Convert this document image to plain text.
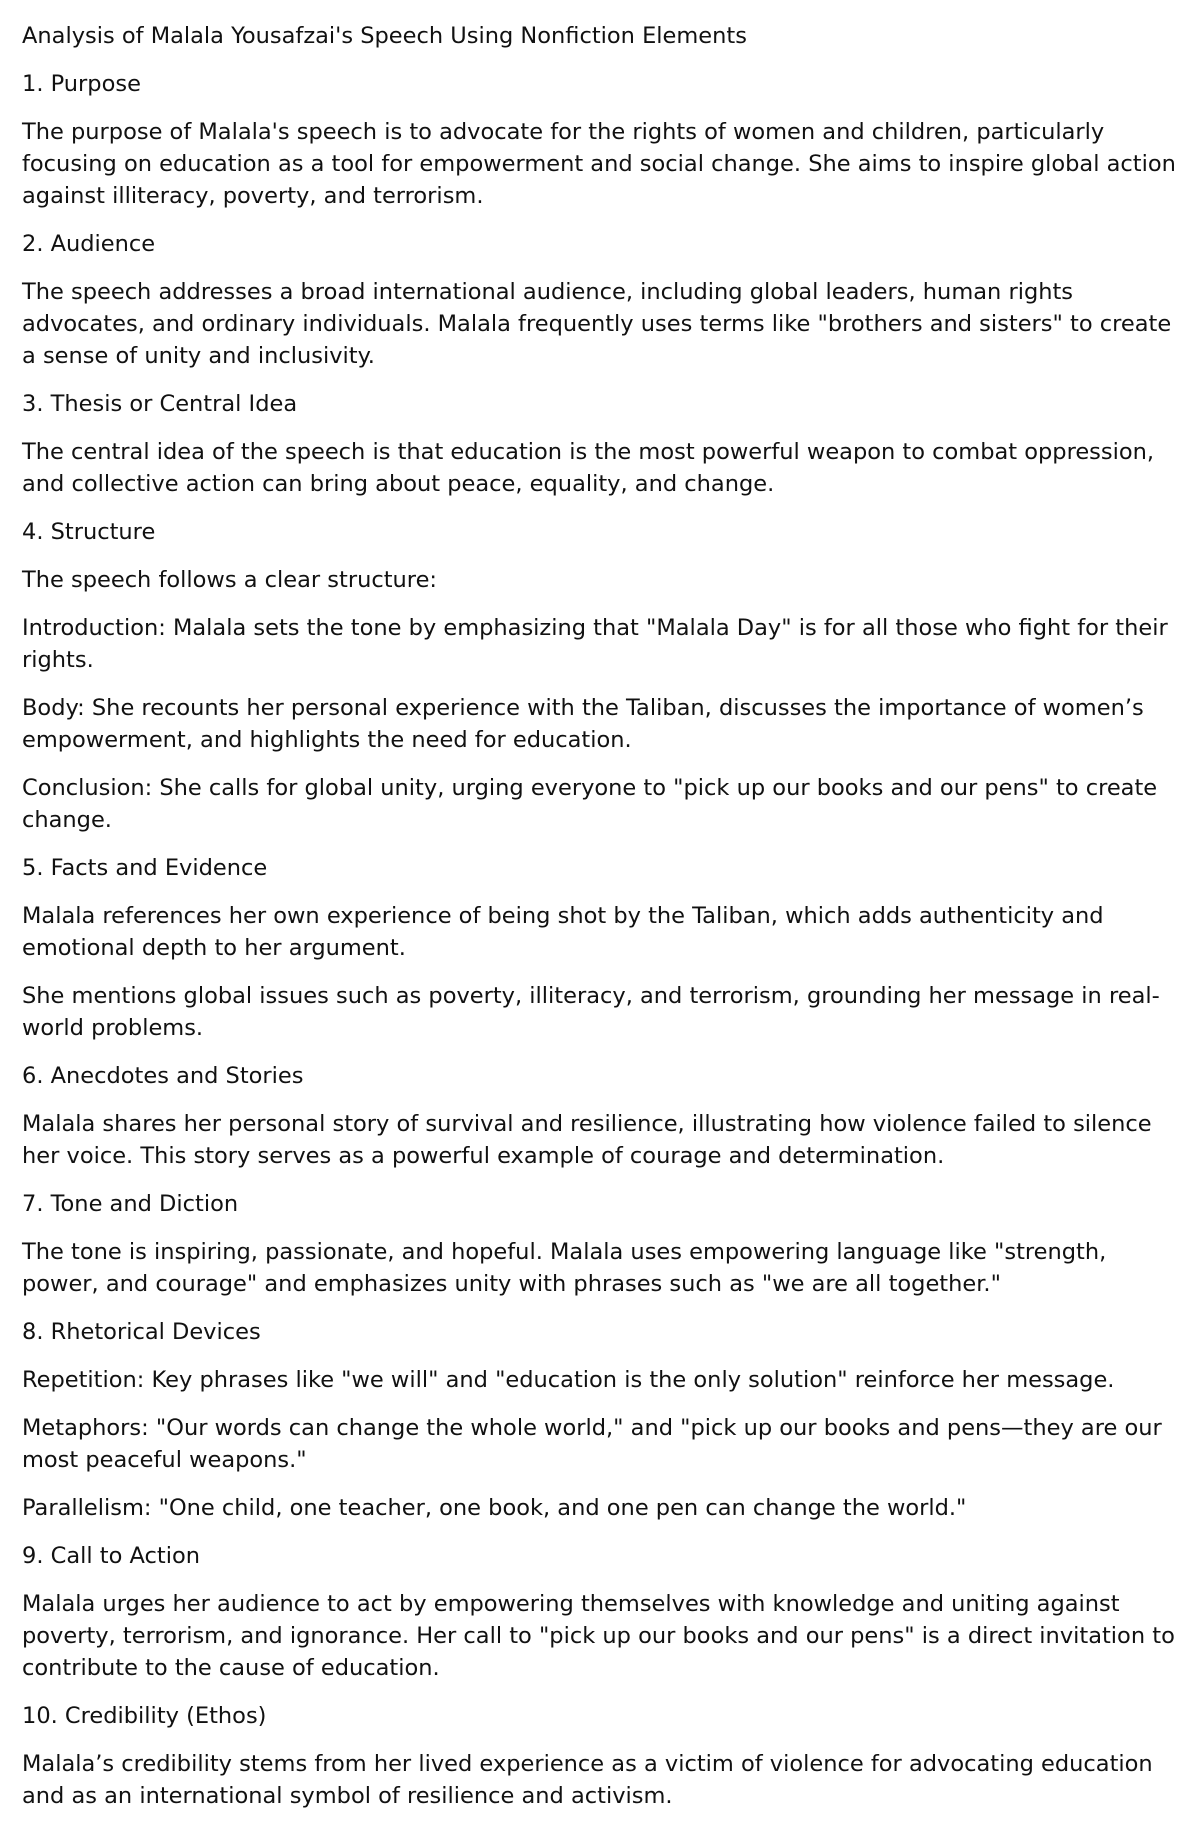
Analysis of Malala Yousafzai's Speech Using Nonfiction Elements

1. Purpose

The purpose of Malala's speech is to advocate for the rights of women and children, particularly focusing on education as a tool for empowerment and social change. She aims to inspire global action against illiteracy, poverty, and terrorism.

2. Audience

The speech addresses a broad international audience, including global leaders, human rights advocates, and ordinary individuals. Malala frequently uses terms like "brothers and sisters" to create a sense of unity and inclusivity.

3. Thesis or Central Idea

The central idea of the speech is that education is the most powerful weapon to combat oppression, and collective action can bring about peace, equality, and change.

4. Structure

The speech follows a clear structure:

Introduction: Malala sets the tone by emphasizing that "Malala Day" is for all those who fight for their rights.

Body: She recounts her personal experience with the Taliban, discusses the importance of women’s empowerment, and highlights the need for education.

Conclusion: She calls for global unity, urging everyone to "pick up our books and our pens" to create change.

5. Facts and Evidence

Malala references her own experience of being shot by the Taliban, which adds authenticity and emotional depth to her argument.

She mentions global issues such as poverty, illiteracy, and terrorism, grounding her message in real-world problems.

6. Anecdotes and Stories

Malala shares her personal story of survival and resilience, illustrating how violence failed to silence her voice. This story serves as a powerful example of courage and determination.

7. Tone and Diction

The tone is inspiring, passionate, and hopeful. Malala uses empowering language like "strength, power, and courage" and emphasizes unity with phrases such as "we are all together."

8. Rhetorical Devices

Repetition: Key phrases like "we will" and "education is the only solution" reinforce her message.

Metaphors: "Our words can change the whole world," and "pick up our books and pens—they are our most peaceful weapons."

Parallelism: "One child, one teacher, one book, and one pen can change the world."

9. Call to Action

Malala urges her audience to act by empowering themselves with knowledge and uniting against poverty, terrorism, and ignorance. Her call to "pick up our books and our pens" is a direct invitation to contribute to the cause of education.

10. Credibility (Ethos)

Malala’s credibility stems from her lived experience as a victim of violence for advocating education and as an international symbol of resilience and activism.
